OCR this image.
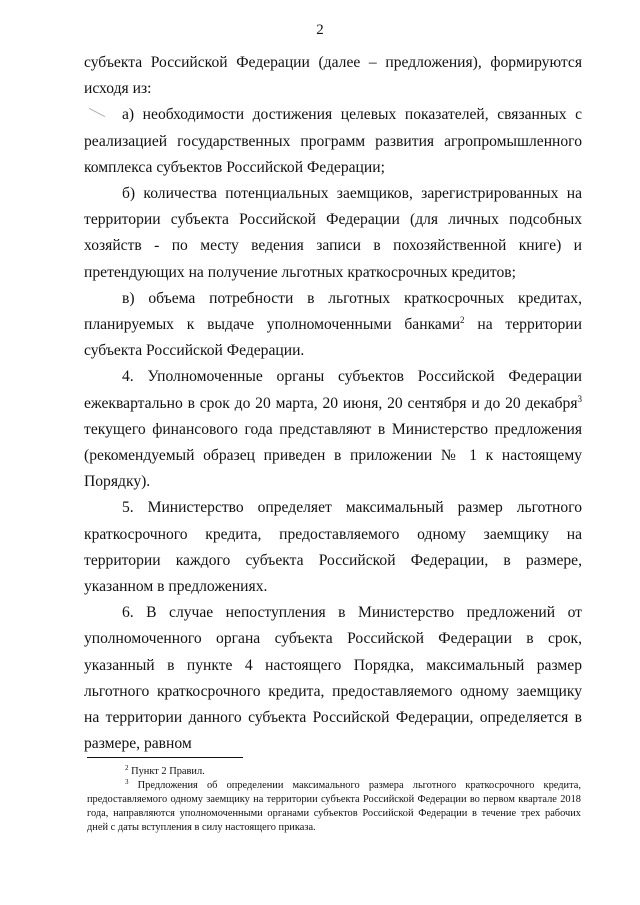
2

субъекта Российской Федерации (далее – предложения), формируются исходя из:

а) необходимости достижения целевых показателей, связанных с реализацией государственных программ развития агропромышленного комплекса субъектов Российской Федерации;

б) количества потенциальных заемщиков, зарегистрированных на территории субъекта Российской Федерации (для личных подсобных хозяйств - по месту ведения записи в похозяйственной книге) и претендующих на получение льготных краткосрочных кредитов;

в) объема потребности в льготных краткосрочных кредитах, планируемых к выдаче уполномоченными банками$^2$ на территории субъекта Российской Федерации.

4. Уполномоченные органы субъектов Российской Федерации ежеквартально в срок до 20 марта, 20 июня, 20 сентября и до 20 декабря$^3$ текущего финансового года представляют в Министерство предложения (рекомендуемый образец приведен в приложении № 1 к настоящему Порядку).

5. Министерство определяет максимальный размер льготного краткосрочного кредита, предоставляемого одному заемщику на территории каждого субъекта Российской Федерации, в размере, указанном в предложениях.

6. В случае непоступления в Министерство предложений от уполномоченного органа субъекта Российской Федерации в срок, указанный в пункте 4 настоящего Порядка, максимальный размер льготного краткосрочного кредита, предоставляемого одному заемщику на территории данного субъекта Российской Федерации, определяется в размере, равном

$^2$ Пункт 2 Правил.

$^3$ Предложения об определении максимального размера льготного краткосрочного кредита, предоставляемого одному заемщику на территории субъекта Российской Федерации во первом квартале 2018 года, направляются уполномоченными органами субъектов Российской Федерации в течение трех рабочих дней с даты вступления в силу настоящего приказа.
